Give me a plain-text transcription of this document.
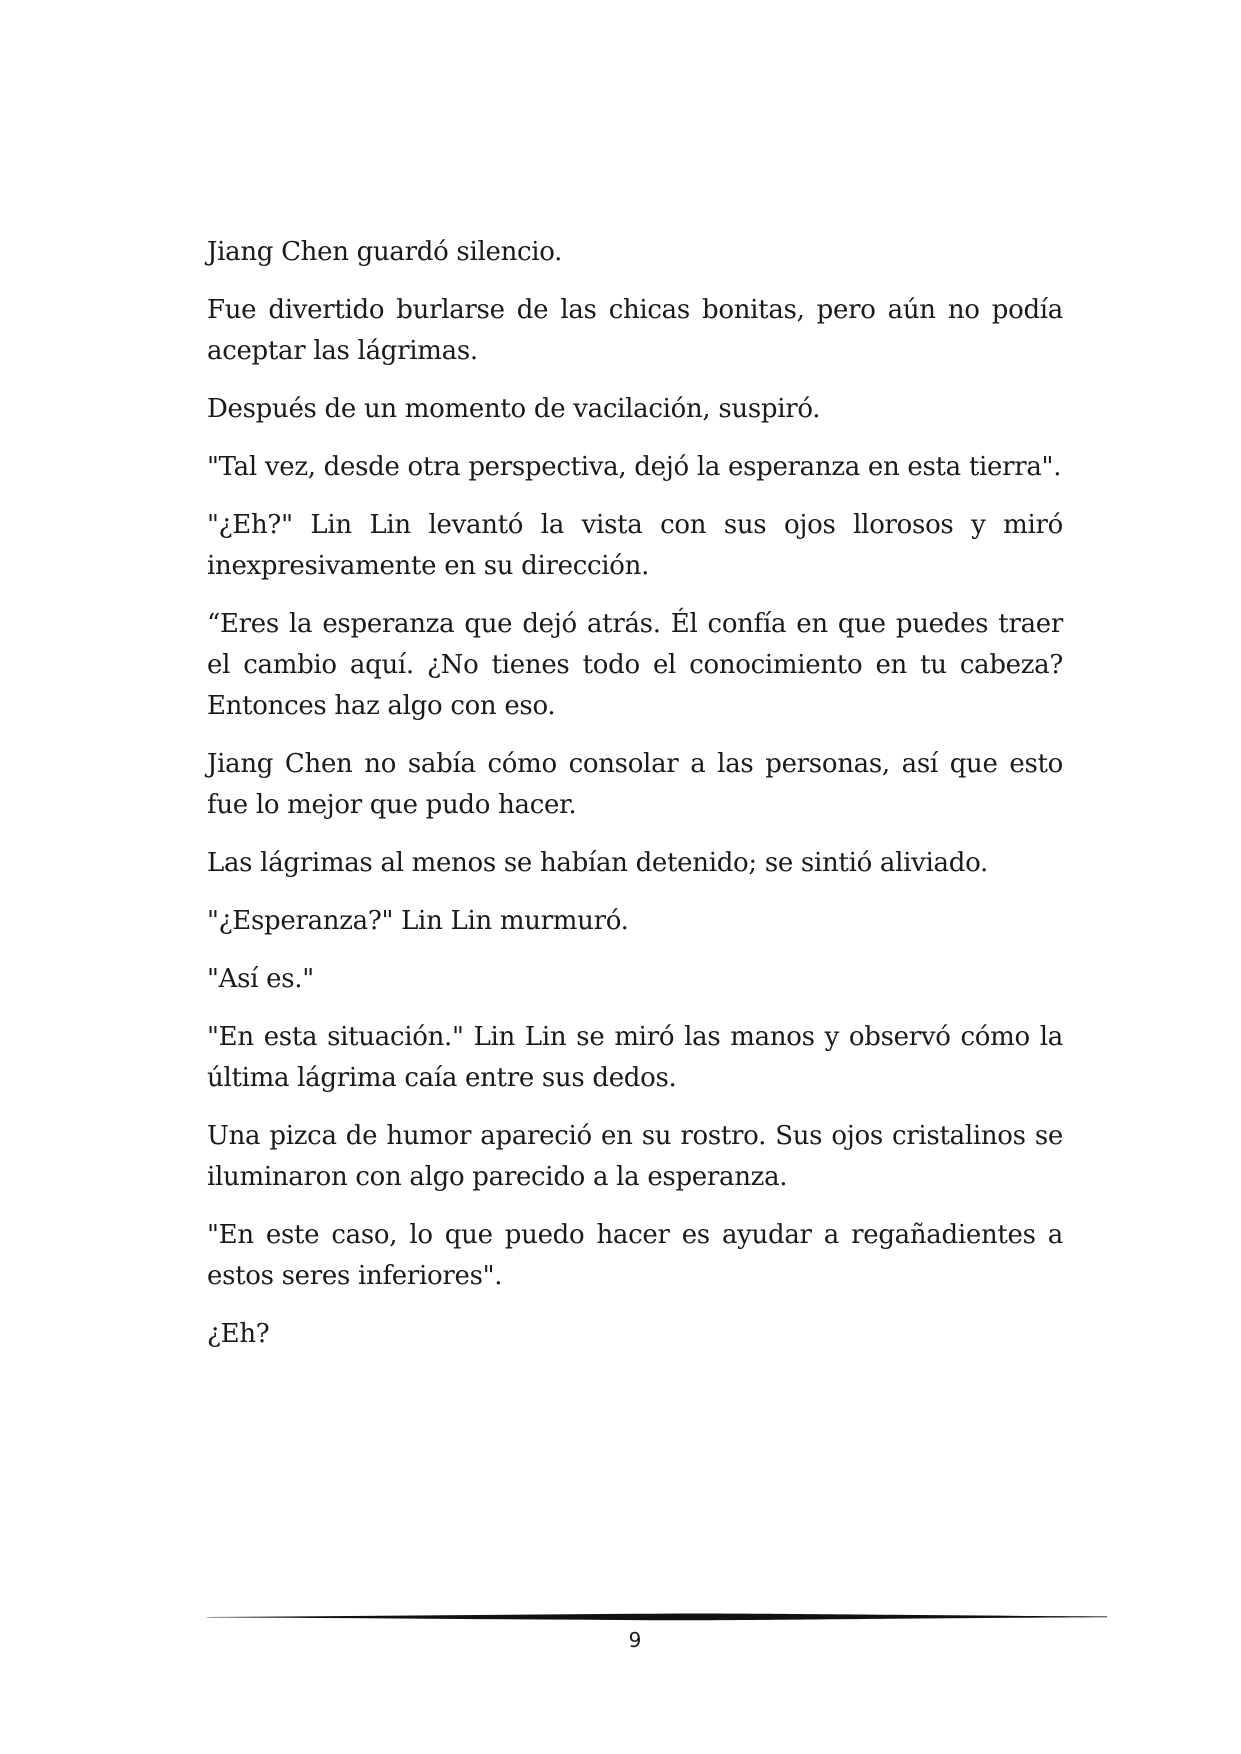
Jiang Chen guardó silencio.

Fue divertido burlarse de las chicas bonitas, pero aún no podía aceptar las lágrimas.

Después de un momento de vacilación, suspiró.

"Tal vez, desde otra perspectiva, dejó la esperanza en esta tierra".

"¿Eh?" Lin Lin levantó la vista con sus ojos llorosos y miró inexpresivamente en su dirección.

“Eres la esperanza que dejó atrás. Él confía en que puedes traer el cambio aquí. ¿No tienes todo el conocimiento en tu cabeza? Entonces haz algo con eso.

Jiang Chen no sabía cómo consolar a las personas, así que esto fue lo mejor que pudo hacer.

Las lágrimas al menos se habían detenido; se sintió aliviado.

"¿Esperanza?" Lin Lin murmuró.

"Así es."

"En esta situación." Lin Lin se miró las manos y observó cómo la última lágrima caía entre sus dedos.

Una pizca de humor apareció en su rostro. Sus ojos cristalinos se iluminaron con algo parecido a la esperanza.

"En este caso, lo que puedo hacer es ayudar a regañadientes a estos seres inferiores".

¿Eh?

9
